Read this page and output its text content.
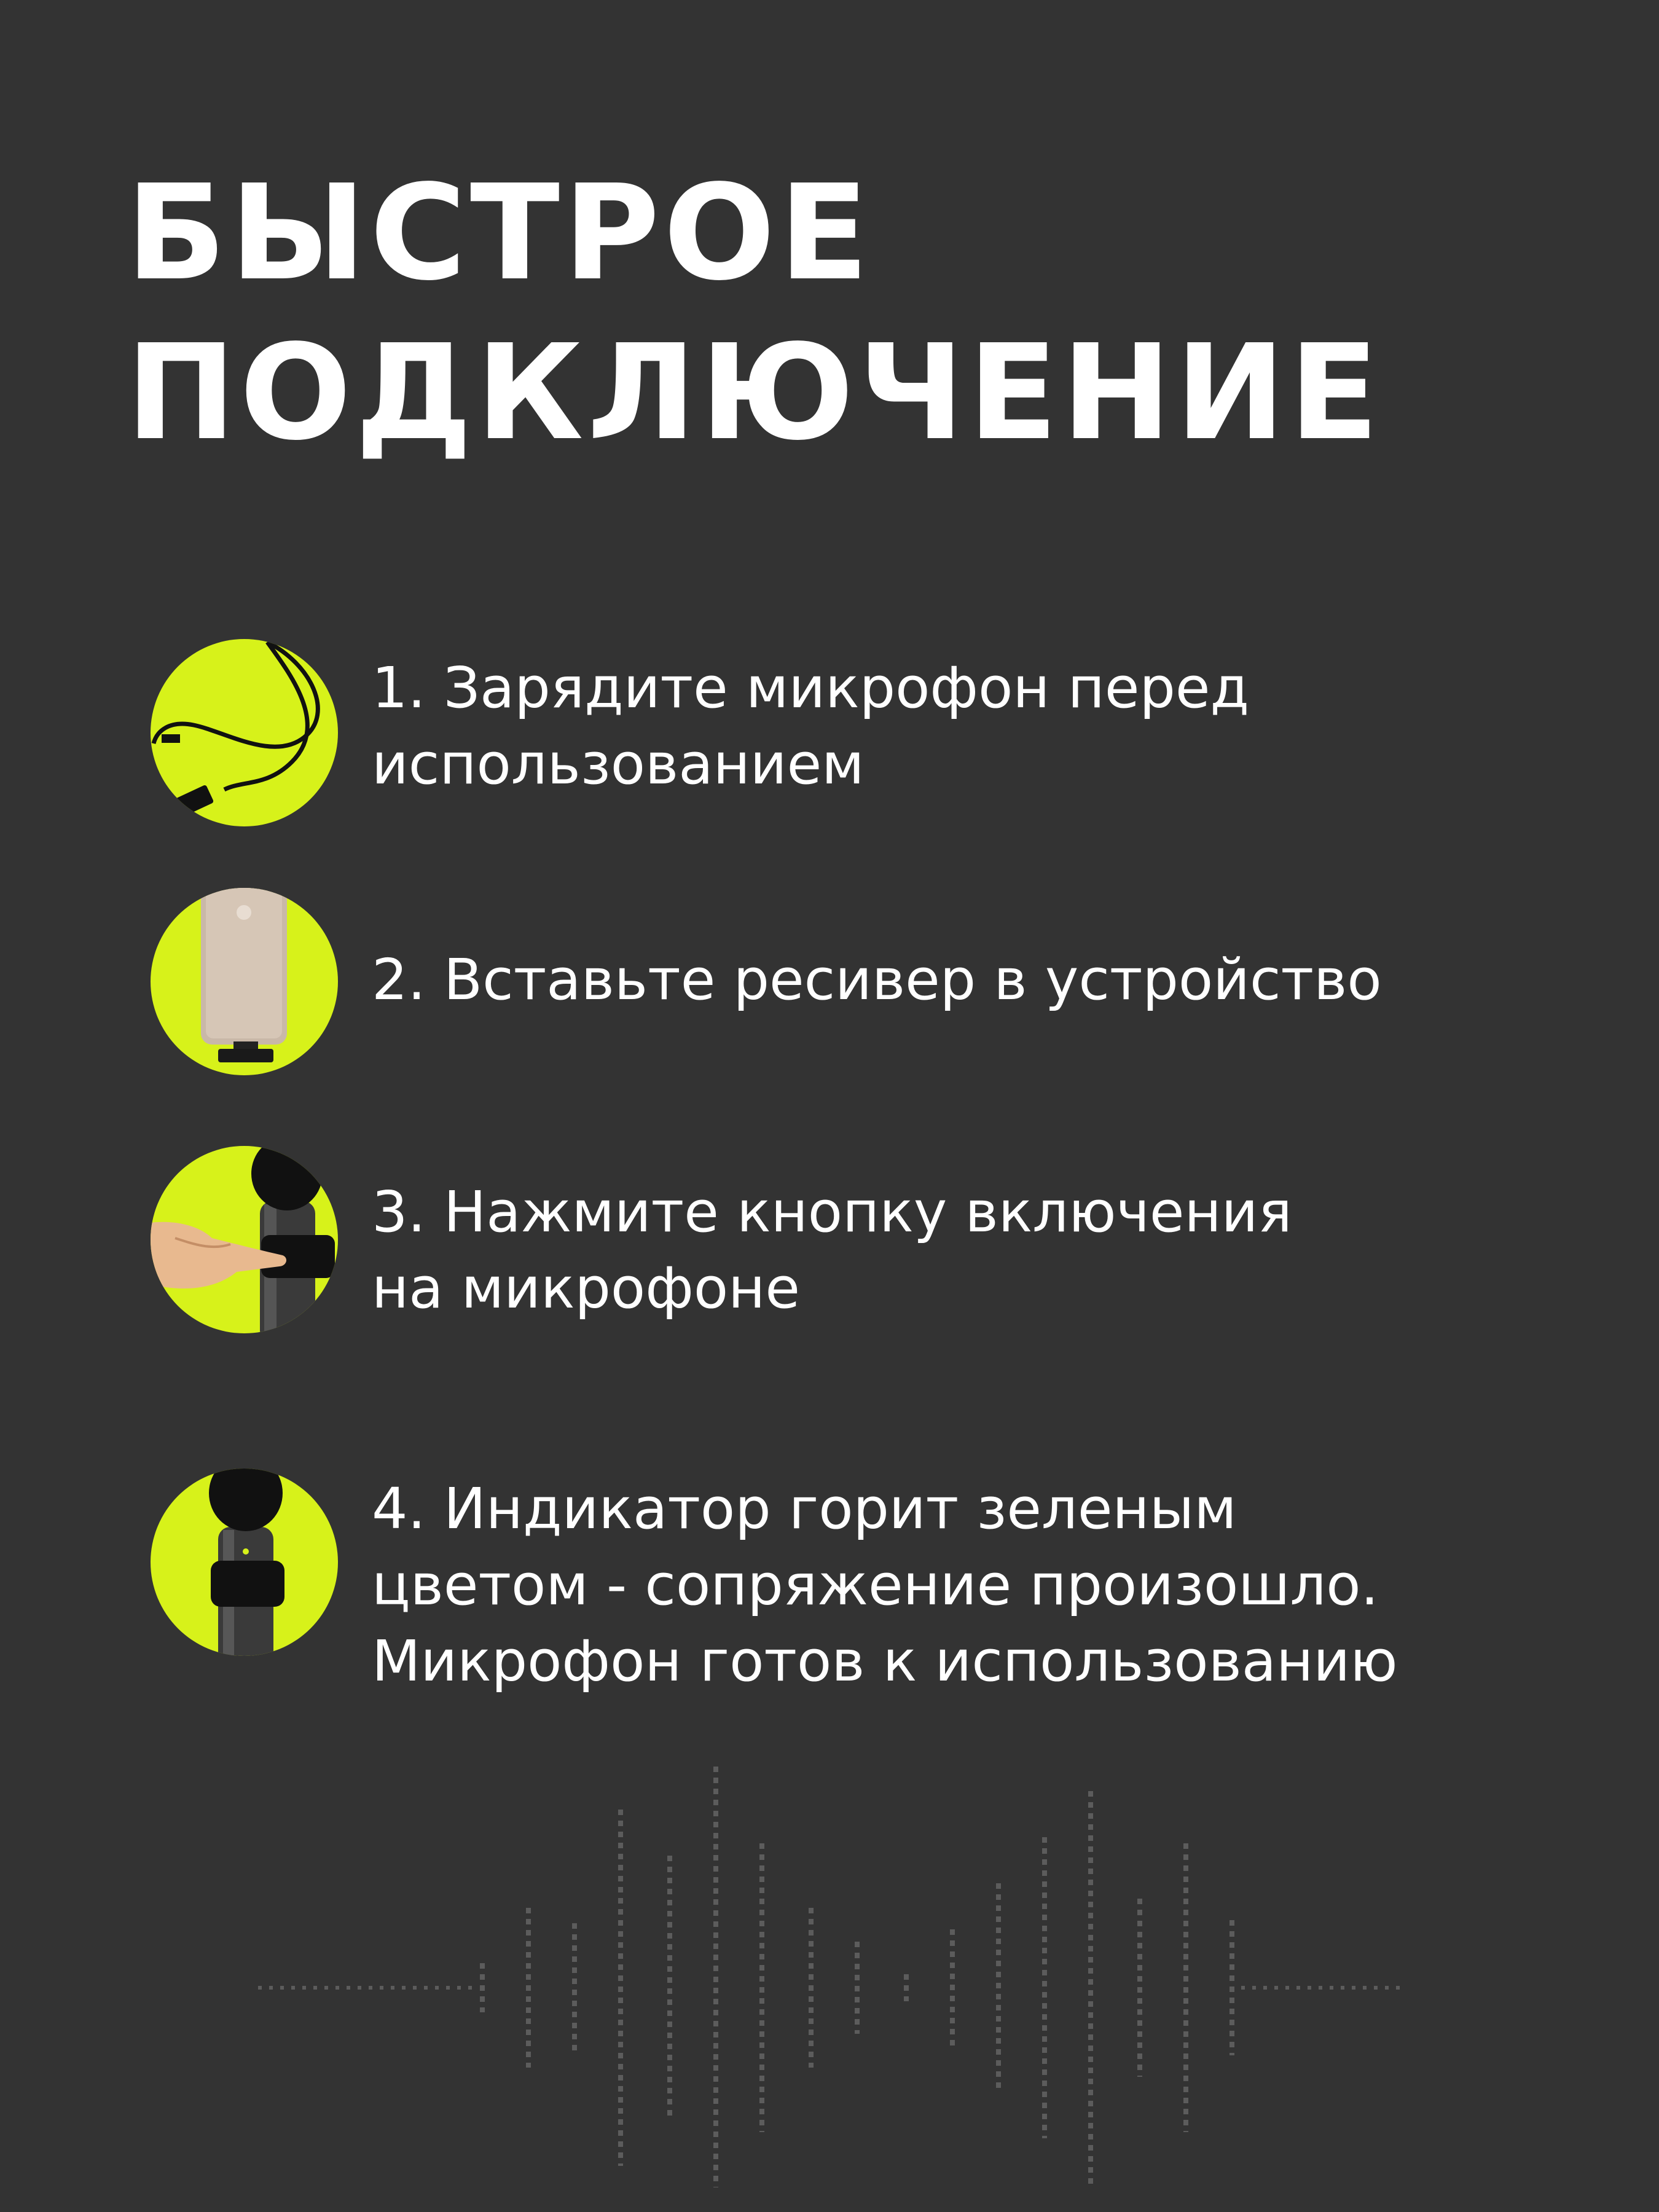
БЫСТРОЕ
ПОДКЛЮЧЕНИЕ
1. Зарядите микрофон перед
использованием
2. Вставьте ресивер в устройство
3. Нажмите кнопку включения
на микрофоне
4. Индикатор горит зеленым
цветом - сопряжение произошло.
Микрофон готов к использованию
